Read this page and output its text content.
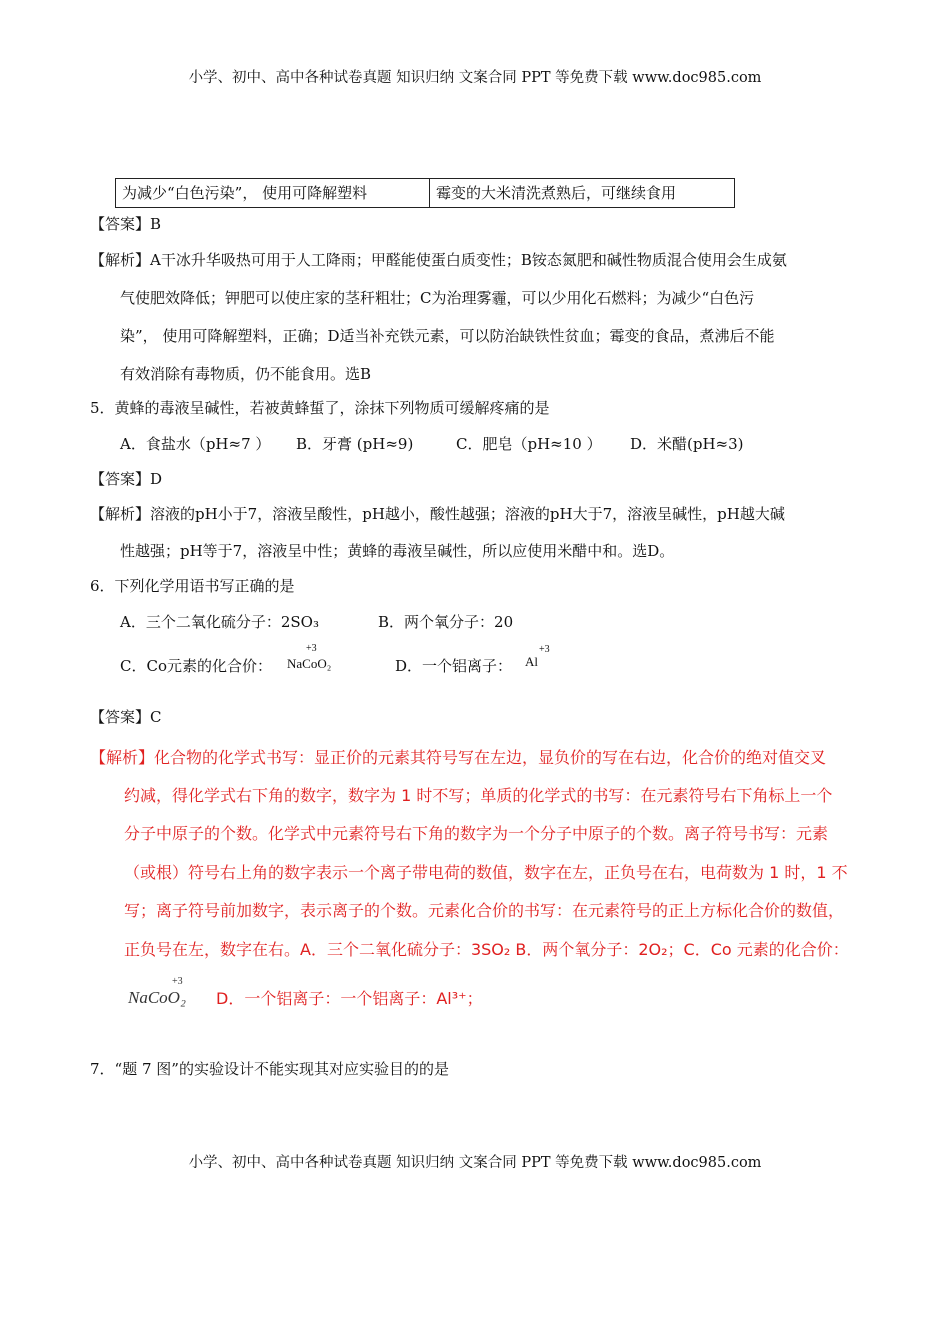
小学、初中、高中各种试卷真题 知识归纳 文案合同 PPT 等免费下载 www.doc985.com
为减少“白色污染”， 使用可降解塑料	霉变的大米清洗煮熟后，可继续食用
【答案】B
【解析】A干冰升华吸热可用于人工降雨；甲醛能使蛋白质变性；B铵态氮肥和碱性物质混合使用会生成氨
气使肥效降低；钾肥可以使庄家的茎秆粗壮；C为治理雾霾，可以少用化石燃料；为减少“白色污
染”， 使用可降解塑料，正确；D适当补充铁元素，可以防治缺铁性贫血；霉变的食品，煮沸后不能
有效消除有毒物质，仍不能食用。选B
5．黄蜂的毒液呈碱性，若被黄蜂蜇了，涂抹下列物质可缓解疼痛的是
A．食盐水（pH≈7 ） B．牙膏 (pH≈9)	C．肥皂（pH≈10 ） D．米醋(pH≈3)
【答案】D
【解析】溶液的pH小于7，溶液呈酸性，pH越小，酸性越强；溶液的pH大于7，溶液呈碱性，pH越大碱
性越强；pH等于7，溶液呈中性；黄蜂的毒液呈碱性，所以应使用米醋中和。选D。
6．下列化学用语书写正确的是
A．三个二氧化硫分子：2SO₃	B．两个氧分子：20
C．Co元素的化合价： NaCoO₂
+3
D．一个铝离子： Al
+3
【答案】C
【解析】化合物的化学式书写：显正价的元素其符号写在左边，显负价的写在右边，化合价的绝对值交叉
约减，得化学式右下角的数字，数字为 1 时不写；单质的化学式的书写：在元素符号右下角标上一个
分子中原子的个数。化学式中元素符号右下角的数字为一个分子中原子的个数。离子符号书写：元素
（或根）符号右上角的数字表示一个离子带电荷的数值，数字在左，正负号在右，电荷数为 1 时，1 不
写；离子符号前加数字，表示离子的个数。元素化合价的书写：在元素符号的正上方标化合价的数值，
正负号在左，数字在右。A．三个二氧化硫分子：3SO₂ B．两个氧分子：2O₂；C．Co 元素的化合价：
NaCoO₂
+3
D．一个铝离子：一个铝离子：Al³⁺；
7．“题 7 图”的实验设计不能实现其对应实验目的的是
小学、初中、高中各种试卷真题 知识归纳 文案合同 PPT 等免费下载 www.doc985.com
